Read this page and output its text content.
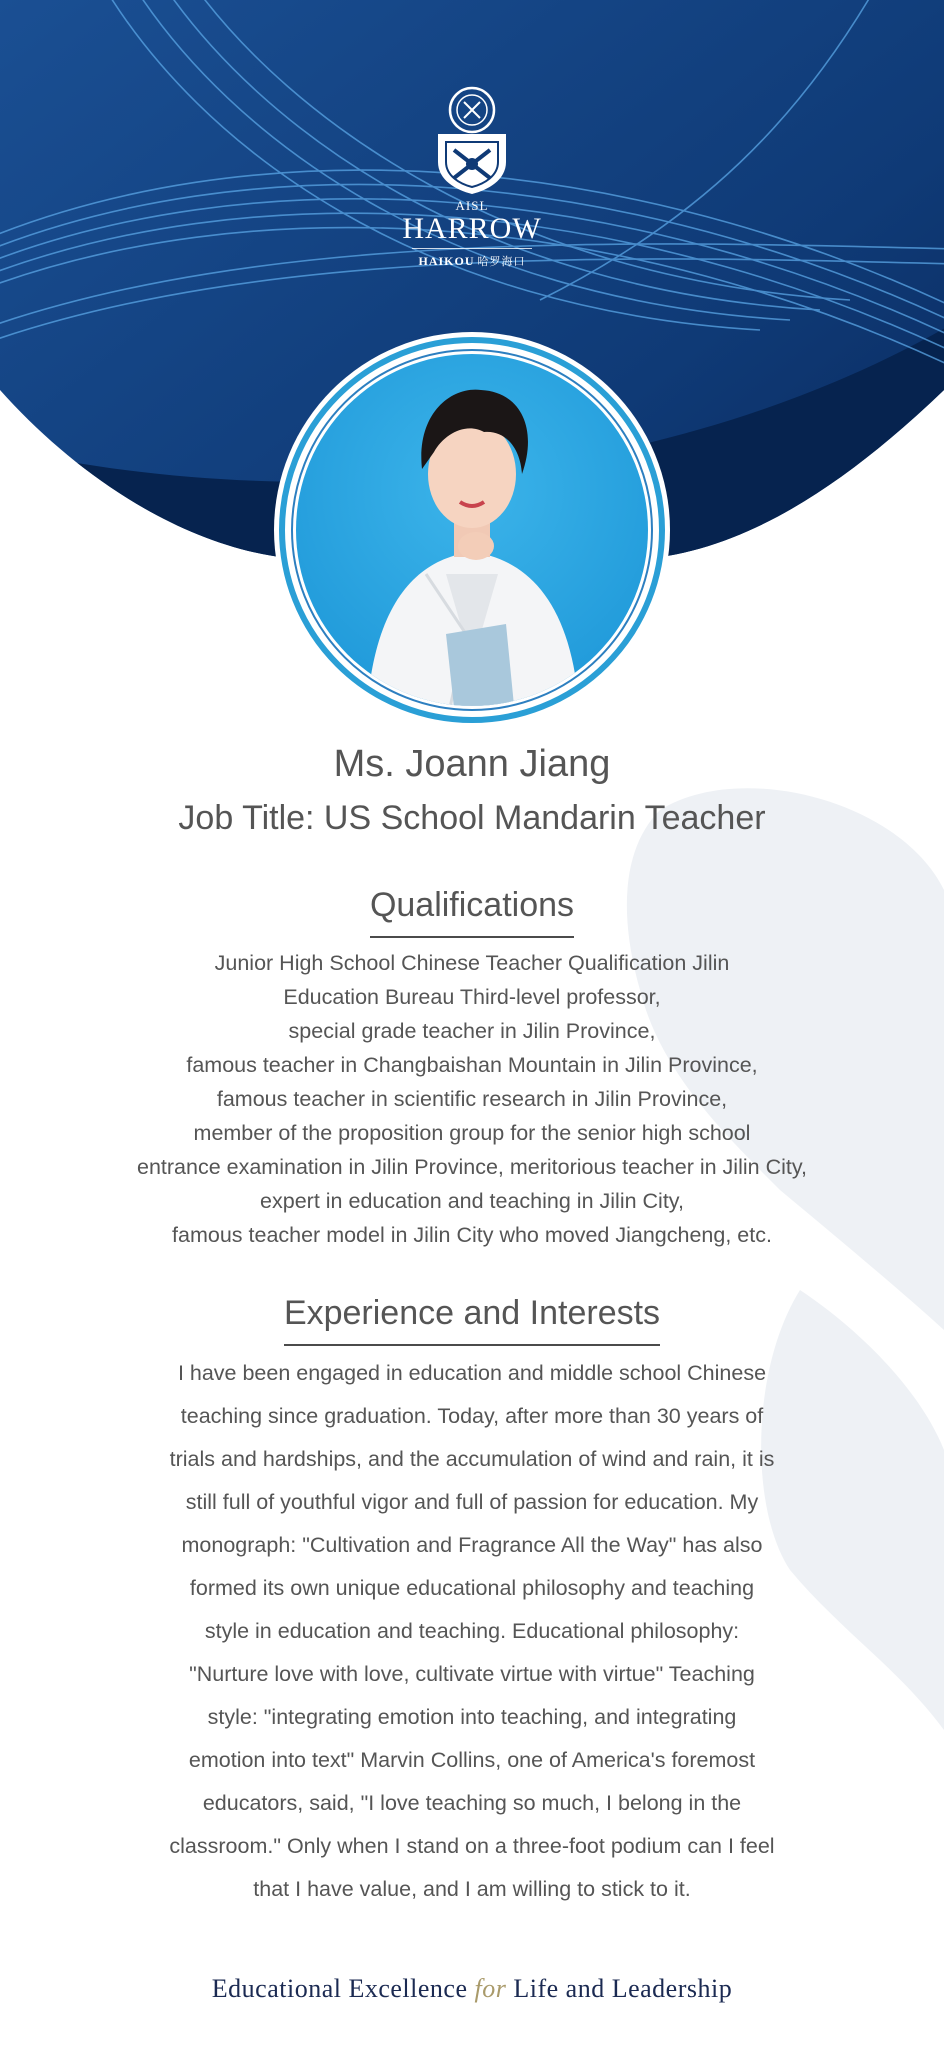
AISL
HARROW
HAIKOU 哈罗海口
Ms. Joann Jiang
Job Title: US School Mandarin Teacher
Qualifications
Junior High School Chinese Teacher Qualification Jilin
Education Bureau Third-level professor,
special grade teacher in Jilin Province,
famous teacher in Changbaishan Mountain in Jilin Province,
famous teacher in scientific research in Jilin Province,
member of the proposition group for the senior high school
entrance examination in Jilin Province, meritorious teacher in Jilin City,
expert in education and teaching in Jilin City,
famous teacher model in Jilin City who moved Jiangcheng, etc.
Experience and Interests
I have been engaged in education and middle school Chinese
teaching since graduation. Today, after more than 30 years of
trials and hardships, and the accumulation of wind and rain, it is
still full of youthful vigor and full of passion for education. My
monograph: "Cultivation and Fragrance All the Way" has also
formed its own unique educational philosophy and teaching
style in education and teaching. Educational philosophy:
"Nurture love with love, cultivate virtue with virtue" Teaching
style: "integrating emotion into teaching, and integrating
emotion into text" Marvin Collins, one of America's foremost
educators, said, "I love teaching so much, I belong in the
classroom." Only when I stand on a three-foot podium can I feel
that I have value, and I am willing to stick to it.
Educational Excellence for Life and Leadership
